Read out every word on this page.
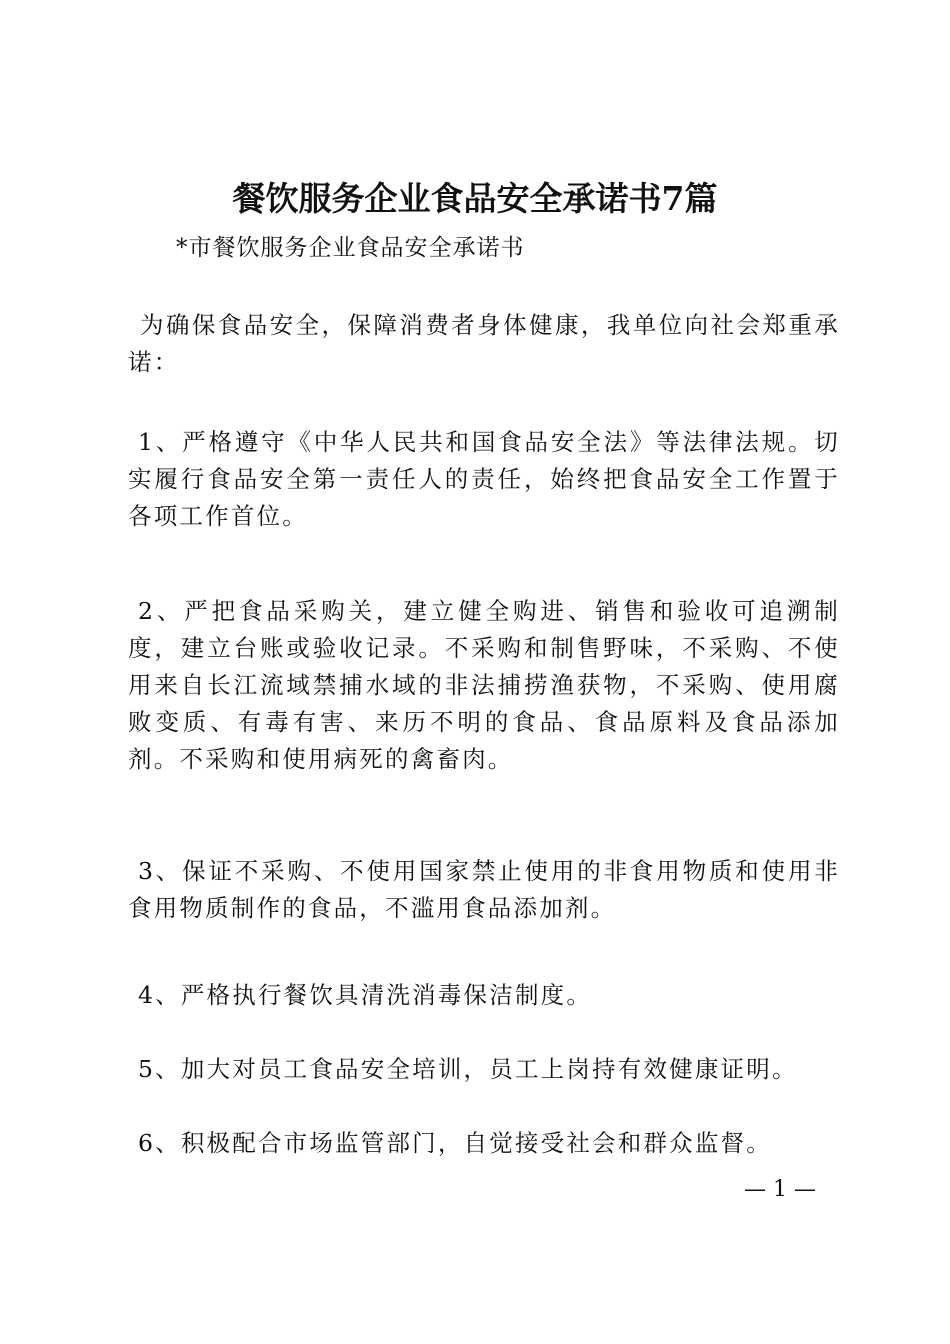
餐饮服务企业食品安全承诺书7篇
*市餐饮服务企业食品安全承诺书
为确保食品安全，保障消费者身体健康，我单位向社会郑重承诺：
1、严格遵守《中华人民共和国食品安全法》等法律法规。切实履行食品安全第一责任人的责任，始终把食品安全工作置于各项工作首位。
2、严把食品采购关，建立健全购进、销售和验收可追溯制度，建立台账或验收记录。不采购和制售野味，不采购、不使用来自长江流域禁捕水域的非法捕捞渔获物，不采购、使用腐败变质、有毒有害、来历不明的食品、食品原料及食品添加剂。不采购和使用病死的禽畜肉。
3、保证不采购、不使用国家禁止使用的非食用物质和使用非食用物质制作的食品，不滥用食品添加剂。
4、严格执行餐饮具清洗消毒保洁制度。
5、加大对员工食品安全培训，员工上岗持有效健康证明。
6、积极配合市场监管部门，自觉接受社会和群众监督。
— 1 —
